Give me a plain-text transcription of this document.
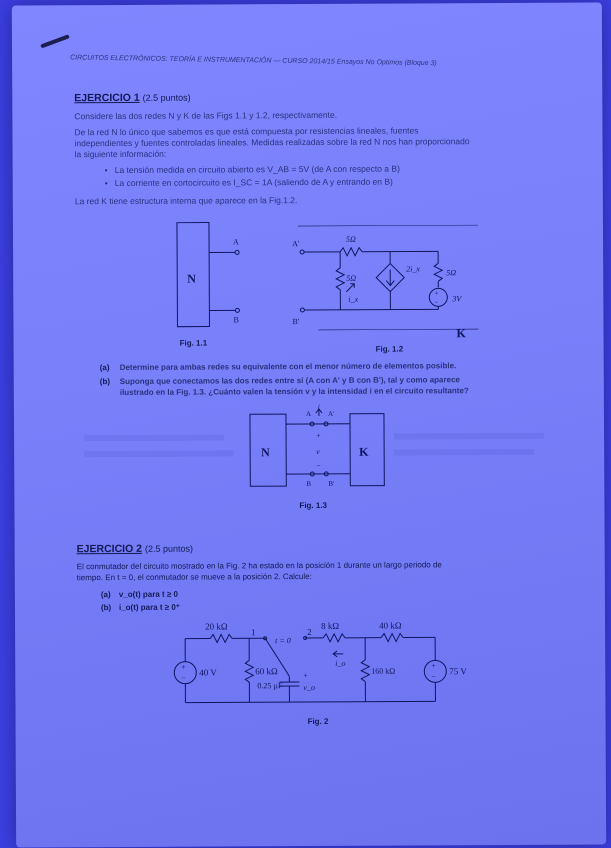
CIRCUITOS ELECTRÓNICOS: TEORÍA E INSTRUMENTACIÓN — CURSO 2014/15 Ensayos No Optimos (Bloque 3)
EJERCICIO 1 (2.5 puntos)
Considere las dos redes N y K de las Figs 1.1 y 1.2, respectivamente.
De la red N lo único que sabemos es que está compuesta por resistencias lineales, fuentes
independientes y fuentes controladas lineales. Medidas realizadas sobre la red N nos han proporcionado
la siguiente información:
•   La tensión medida en circuito abierto es V_AB = 5V (de A con respecto a B)
•   La corriente en cortocircuito es I_SC = 1A (saliendo de A y entrando en B)
La red K tiene estructura interna que aparece en la Fig.1.2.
N
A
B
Fig. 1.1
A'
B'
5Ω
5Ω
5Ω
2i_x
i_x
+
− 3V
K
Fig. 1.2
(a) Determine para ambas redes su equivalente con el menor número de elementos posible.
(b) Suponga que conectamos las dos redes entre sí (A con A' y B con B'), tal y como aparece
ilustrado en la Fig. 1.3. ¿Cuánto valen la tensión v y la intensidad i en el circuito resultante?
N	K
A A'
i
+
v
−
B B'
Fig. 1.3
EJERCICIO 2 (2.5 puntos)
El conmutador del circuito mostrado en la Fig. 2 ha estado en la posición 1 durante un largo periodo de
tiempo. En t = 0, el conmutador se mueve a la posición 2. Calcule:
(a) v_o(t) para t ≥ 0
(b) i_o(t) para t ≥ 0⁺
20 kΩ
1
t = 0
2
8 kΩ	40 kΩ
+
−
40 V	60 kΩ
0.25 µF
+
v_o
i_o
160 kΩ
+
−
75 V
Fig. 2
